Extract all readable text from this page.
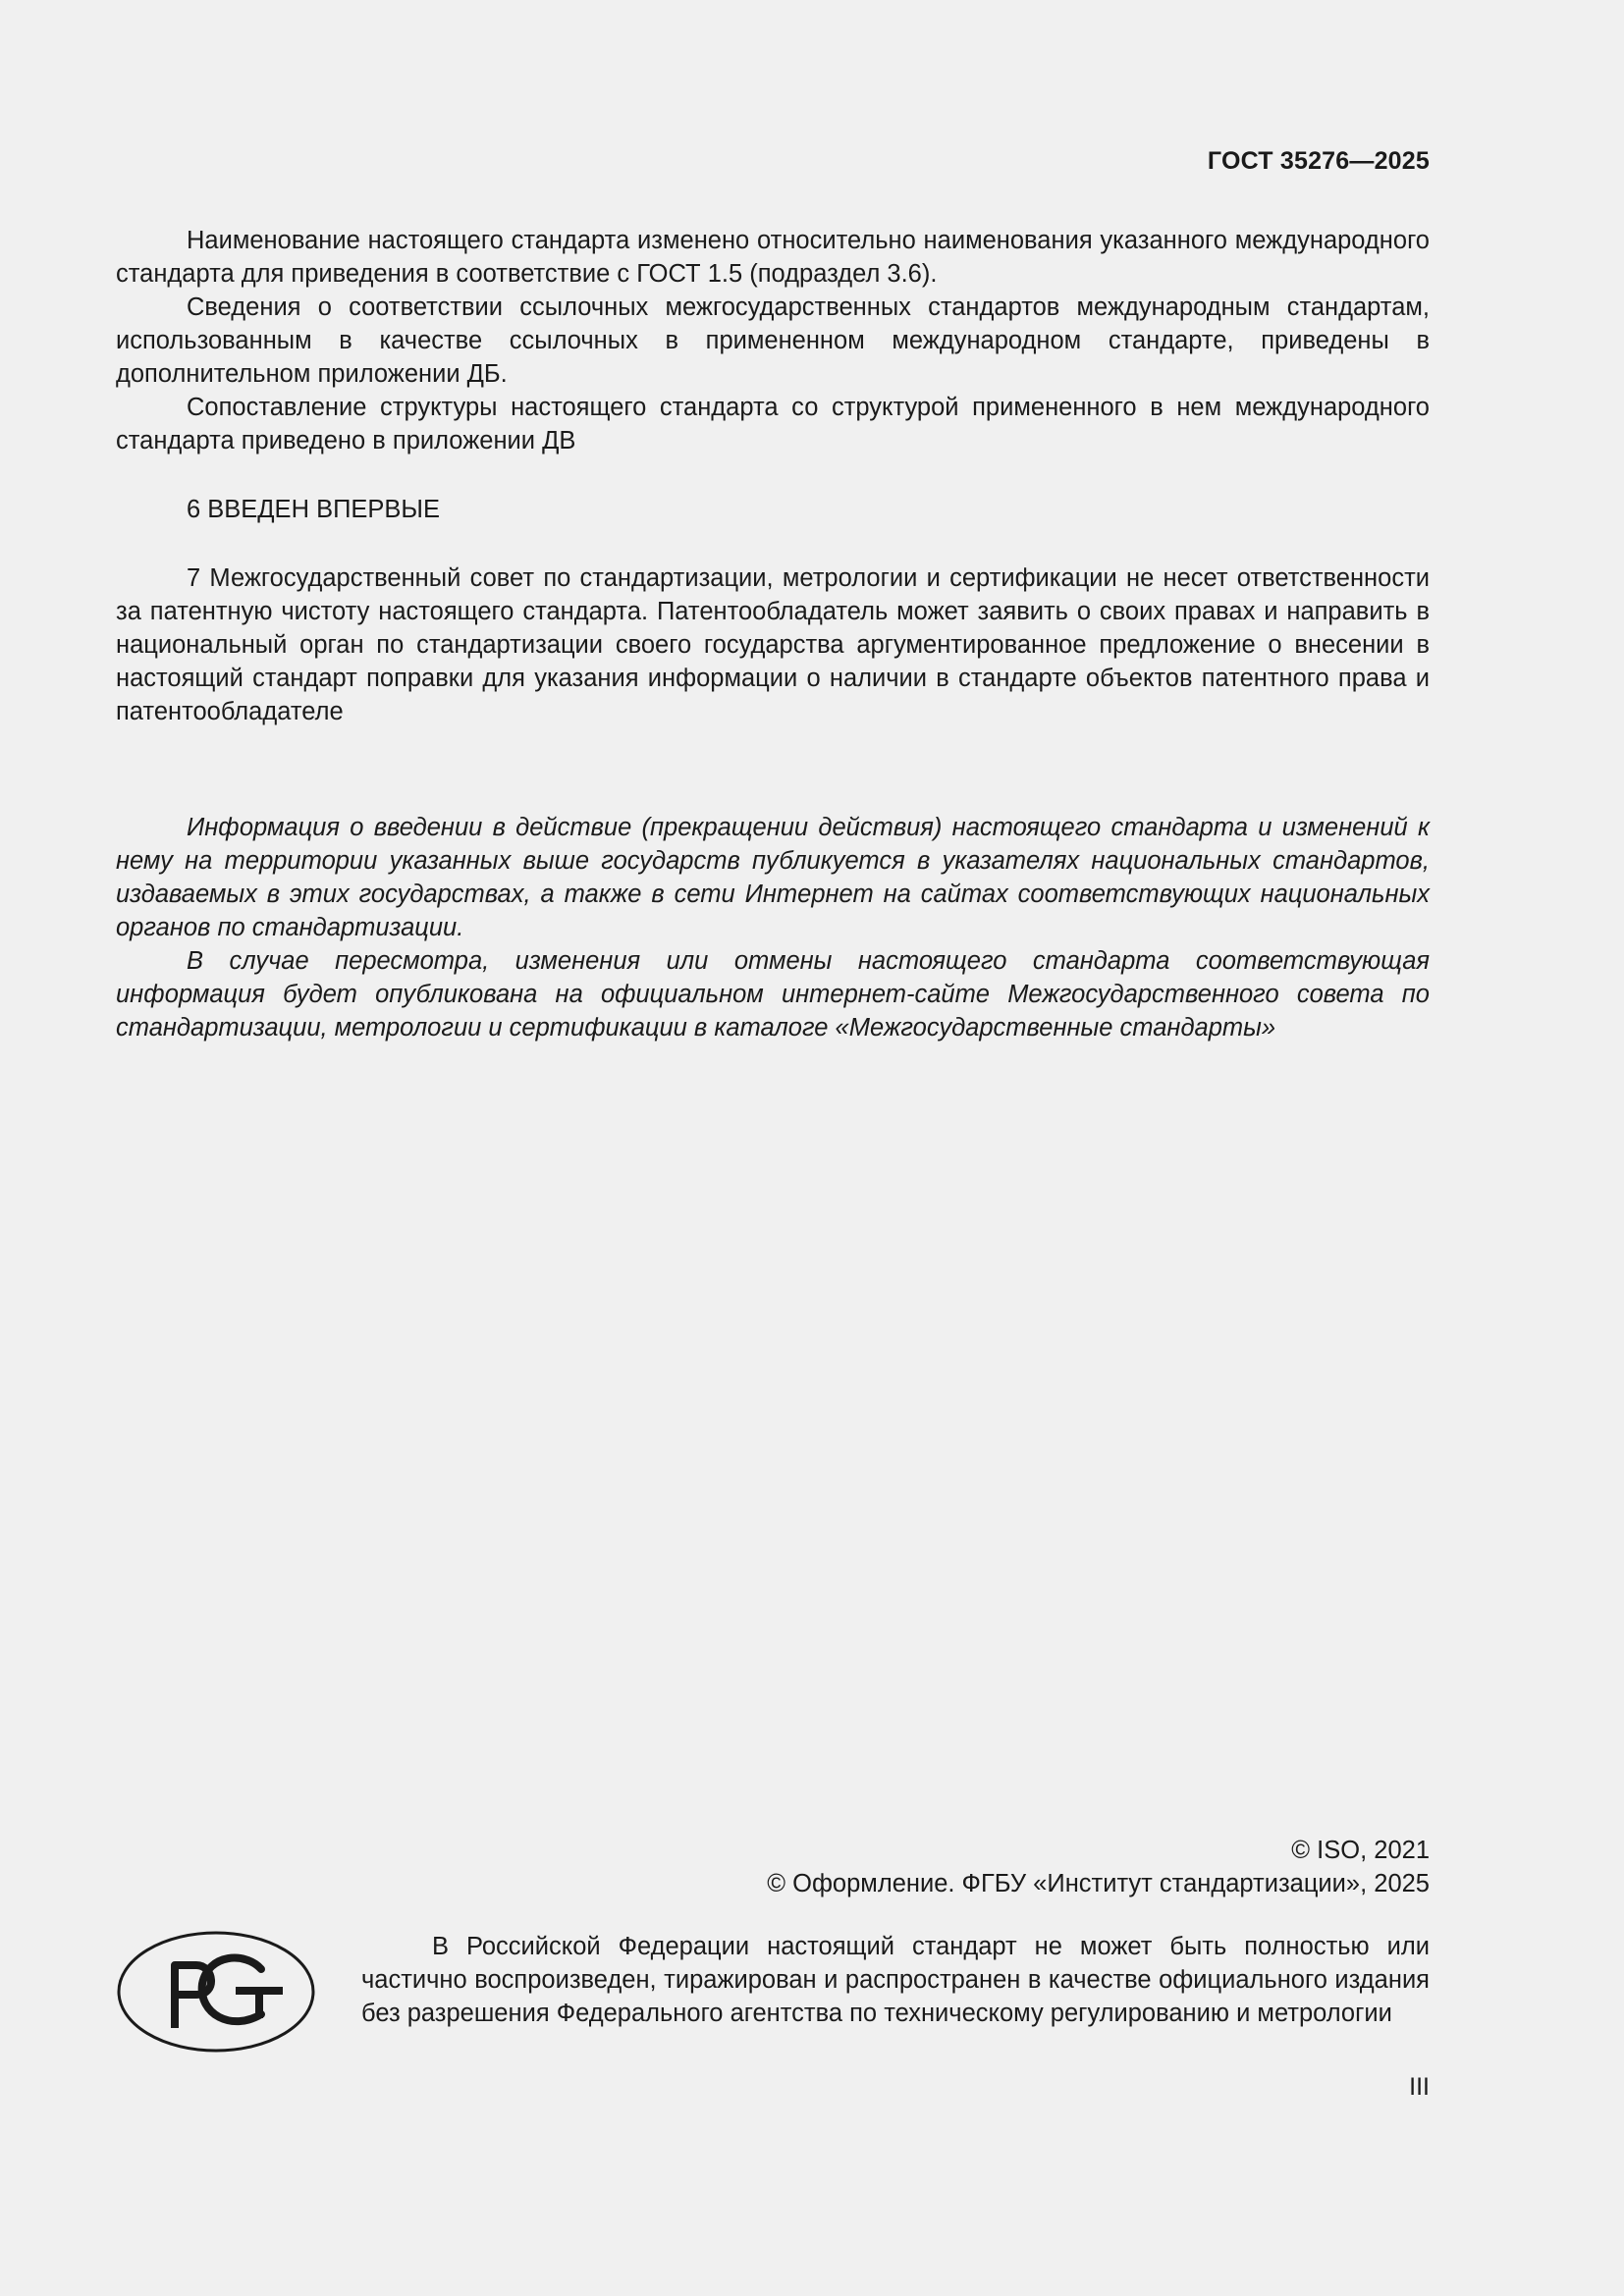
ГОСТ 35276—2025

Наименование настоящего стандарта изменено относительно наименования указанного международного стандарта для приведения в соответствие с ГОСТ 1.5 (подраздел 3.6).

Сведения о соответствии ссылочных межгосударственных стандартов международным стандартам, использованным в качестве ссылочных в примененном международном стандарте, приведены в дополнительном приложении ДБ.

Сопоставление структуры настоящего стандарта со структурой примененного в нем международного стандарта приведено в приложении ДВ

6 ВВЕДЕН ВПЕРВЫЕ

7 Межгосударственный совет по стандартизации, метрологии и сертификации не несет ответственности за патентную чистоту настоящего стандарта. Патентообладатель может заявить о своих правах и направить в национальный орган по стандартизации своего государства аргументированное предложение о внесении в настоящий стандарт поправки для указания информации о наличии в стандарте объектов патентного права и патентообладателе

Информация о введении в действие (прекращении действия) настоящего стандарта и изменений к нему на территории указанных выше государств публикуется в указателях национальных стандартов, издаваемых в этих государствах, а также в сети Интернет на сайтах соответствующих национальных органов по стандартизации.

В случае пересмотра, изменения или отмены настоящего стандарта соответствующая информация будет опубликована на официальном интернет-сайте Межгосударственного совета по стандартизации, метрологии и сертификации в каталоге «Межгосударственные стандарты»

© ISO, 2021
© Оформление. ФГБУ «Институт стандартизации», 2025

В Российской Федерации настоящий стандарт не может быть полностью или частично воспроизведен, тиражирован и распространен в качестве официального издания без разрешения Федерального агентства по техническому регулированию и метрологии

III
